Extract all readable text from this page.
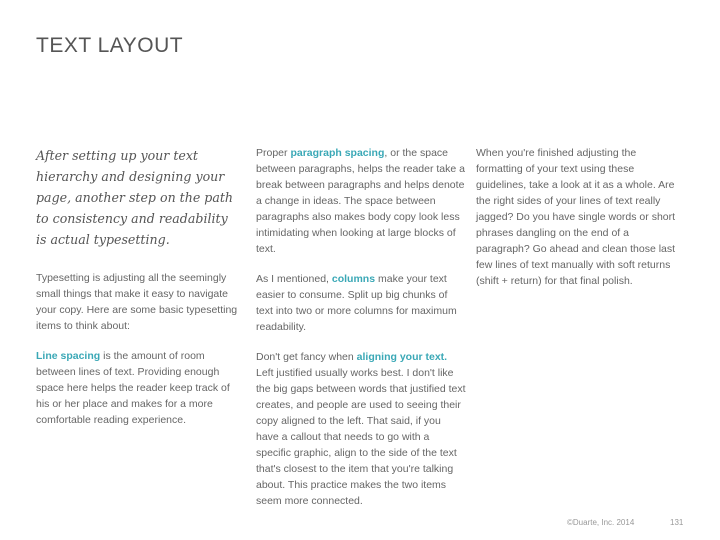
TEXT LAYOUT
After setting up your text hierarchy and designing your page, another step on the path to consistency and readability is actual typesetting.

Typesetting is adjusting all the seemingly small things that make it easy to navigate your copy. Here are some basic typesetting items to think about:

Line spacing is the amount of room between lines of text. Providing enough space here helps the reader keep track of his or her place and makes for a more comfortable reading experience.

Proper paragraph spacing, or the space between paragraphs, helps the reader take a break between paragraphs and helps denote a change in ideas. The space between paragraphs also makes body copy look less intimidating when looking at large blocks of text.

As I mentioned, columns make your text easier to consume. Split up big chunks of text into two or more columns for maximum readability.

Don't get fancy when aligning your text. Left justified usually works best. I don't like the big gaps between words that justified text creates, and people are used to seeing their copy aligned to the left. That said, if you have a callout that needs to go with a specific graphic, align to the side of the text that's closest to the item that you're talking about. This practice makes the two items seem more connected.

When you're finished adjusting the formatting of your text using these guidelines, take a look at it as a whole. Are the right sides of your lines of text really jagged? Do you have single words or short phrases dangling on the end of a paragraph? Go ahead and clean those last few lines of text manually with soft returns (shift + return) for that final polish.

©Duarte, Inc. 2014	131
